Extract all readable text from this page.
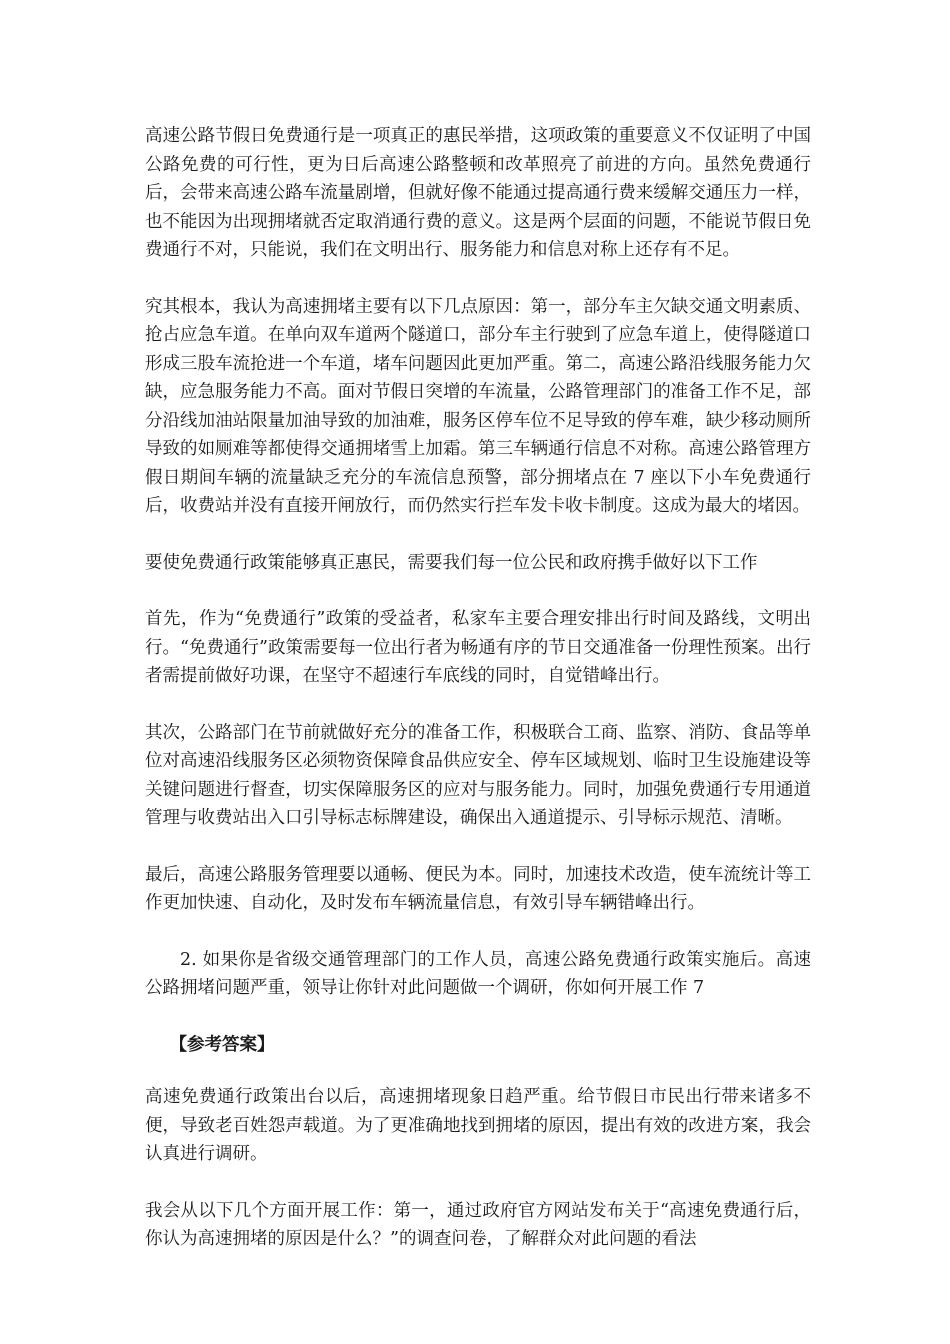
高速公路节假日免费通行是一项真正的惠民举措，这项政策的重要意义不仅证明了中国公路免费的可行性，更为日后高速公路整顿和改革照亮了前进的方向。虽然免费通行后，会带来高速公路车流量剧增，但就好像不能通过提高通行费来缓解交通压力一样，也不能因为出现拥堵就否定取消通行费的意义。这是两个层面的问题，不能说节假日免费通行不对，只能说，我们在文明出行、服务能力和信息对称上还存有不足。

究其根本，我认为高速拥堵主要有以下几点原因：第一，部分车主欠缺交通文明素质、抢占应急车道。在单向双车道两个隧道口，部分车主行驶到了应急车道上，使得隧道口形成三股车流抢进一个车道，堵车问题因此更加严重。第二，高速公路沿线服务能力欠缺，应急服务能力不高。面对节假日突增的车流量，公路管理部门的准备工作不足，部分沿线加油站限量加油导致的加油难，服务区停车位不足导致的停车难，缺少移动厕所导致的如厕难等都使得交通拥堵雪上加霜。第三车辆通行信息不对称。高速公路管理方假日期间车辆的流量缺乏充分的车流信息预警，部分拥堵点在 7 座以下小车免费通行后，收费站并没有直接开闸放行，而仍然实行拦车发卡收卡制度。这成为最大的堵因。

要使免费通行政策能够真正惠民，需要我们每一位公民和政府携手做好以下工作

首先，作为“免费通行”政策的受益者，私家车主要合理安排出行时间及路线，文明出行。“免费通行”政策需要每一位出行者为畅通有序的节日交通准备一份理性预案。出行者需提前做好功课，在坚守不超速行车底线的同时，自觉错峰出行。

其次，公路部门在节前就做好充分的准备工作，积极联合工商、监察、消防、食品等单位对高速沿线服务区必须物资保障食品供应安全、停车区域规划、临时卫生设施建设等关键问题进行督查，切实保障服务区的应对与服务能力。同时，加强免费通行专用通道管理与收费站出入口引导标志标牌建设，确保出入通道提示、引导标示规范、清晰。

最后，高速公路服务管理要以通畅、便民为本。同时，加速技术改造，使车流统计等工作更加快速、自动化，及时发布车辆流量信息，有效引导车辆错峰出行。

2. 如果你是省级交通管理部门的工作人员，高速公路免费通行政策实施后。高速公路拥堵问题严重，领导让你针对此问题做一个调研，你如何开展工作 7

【参考答案】

高速免费通行政策出台以后，高速拥堵现象日趋严重。给节假日市民出行带来诸多不便，导致老百姓怨声载道。为了更准确地找到拥堵的原因，提出有效的改进方案，我会认真进行调研。

我会从以下几个方面开展工作：第一，通过政府官方网站发布关于“高速免费通行后，你认为高速拥堵的原因是什么？”的调查问卷，了解群众对此问题的看法
